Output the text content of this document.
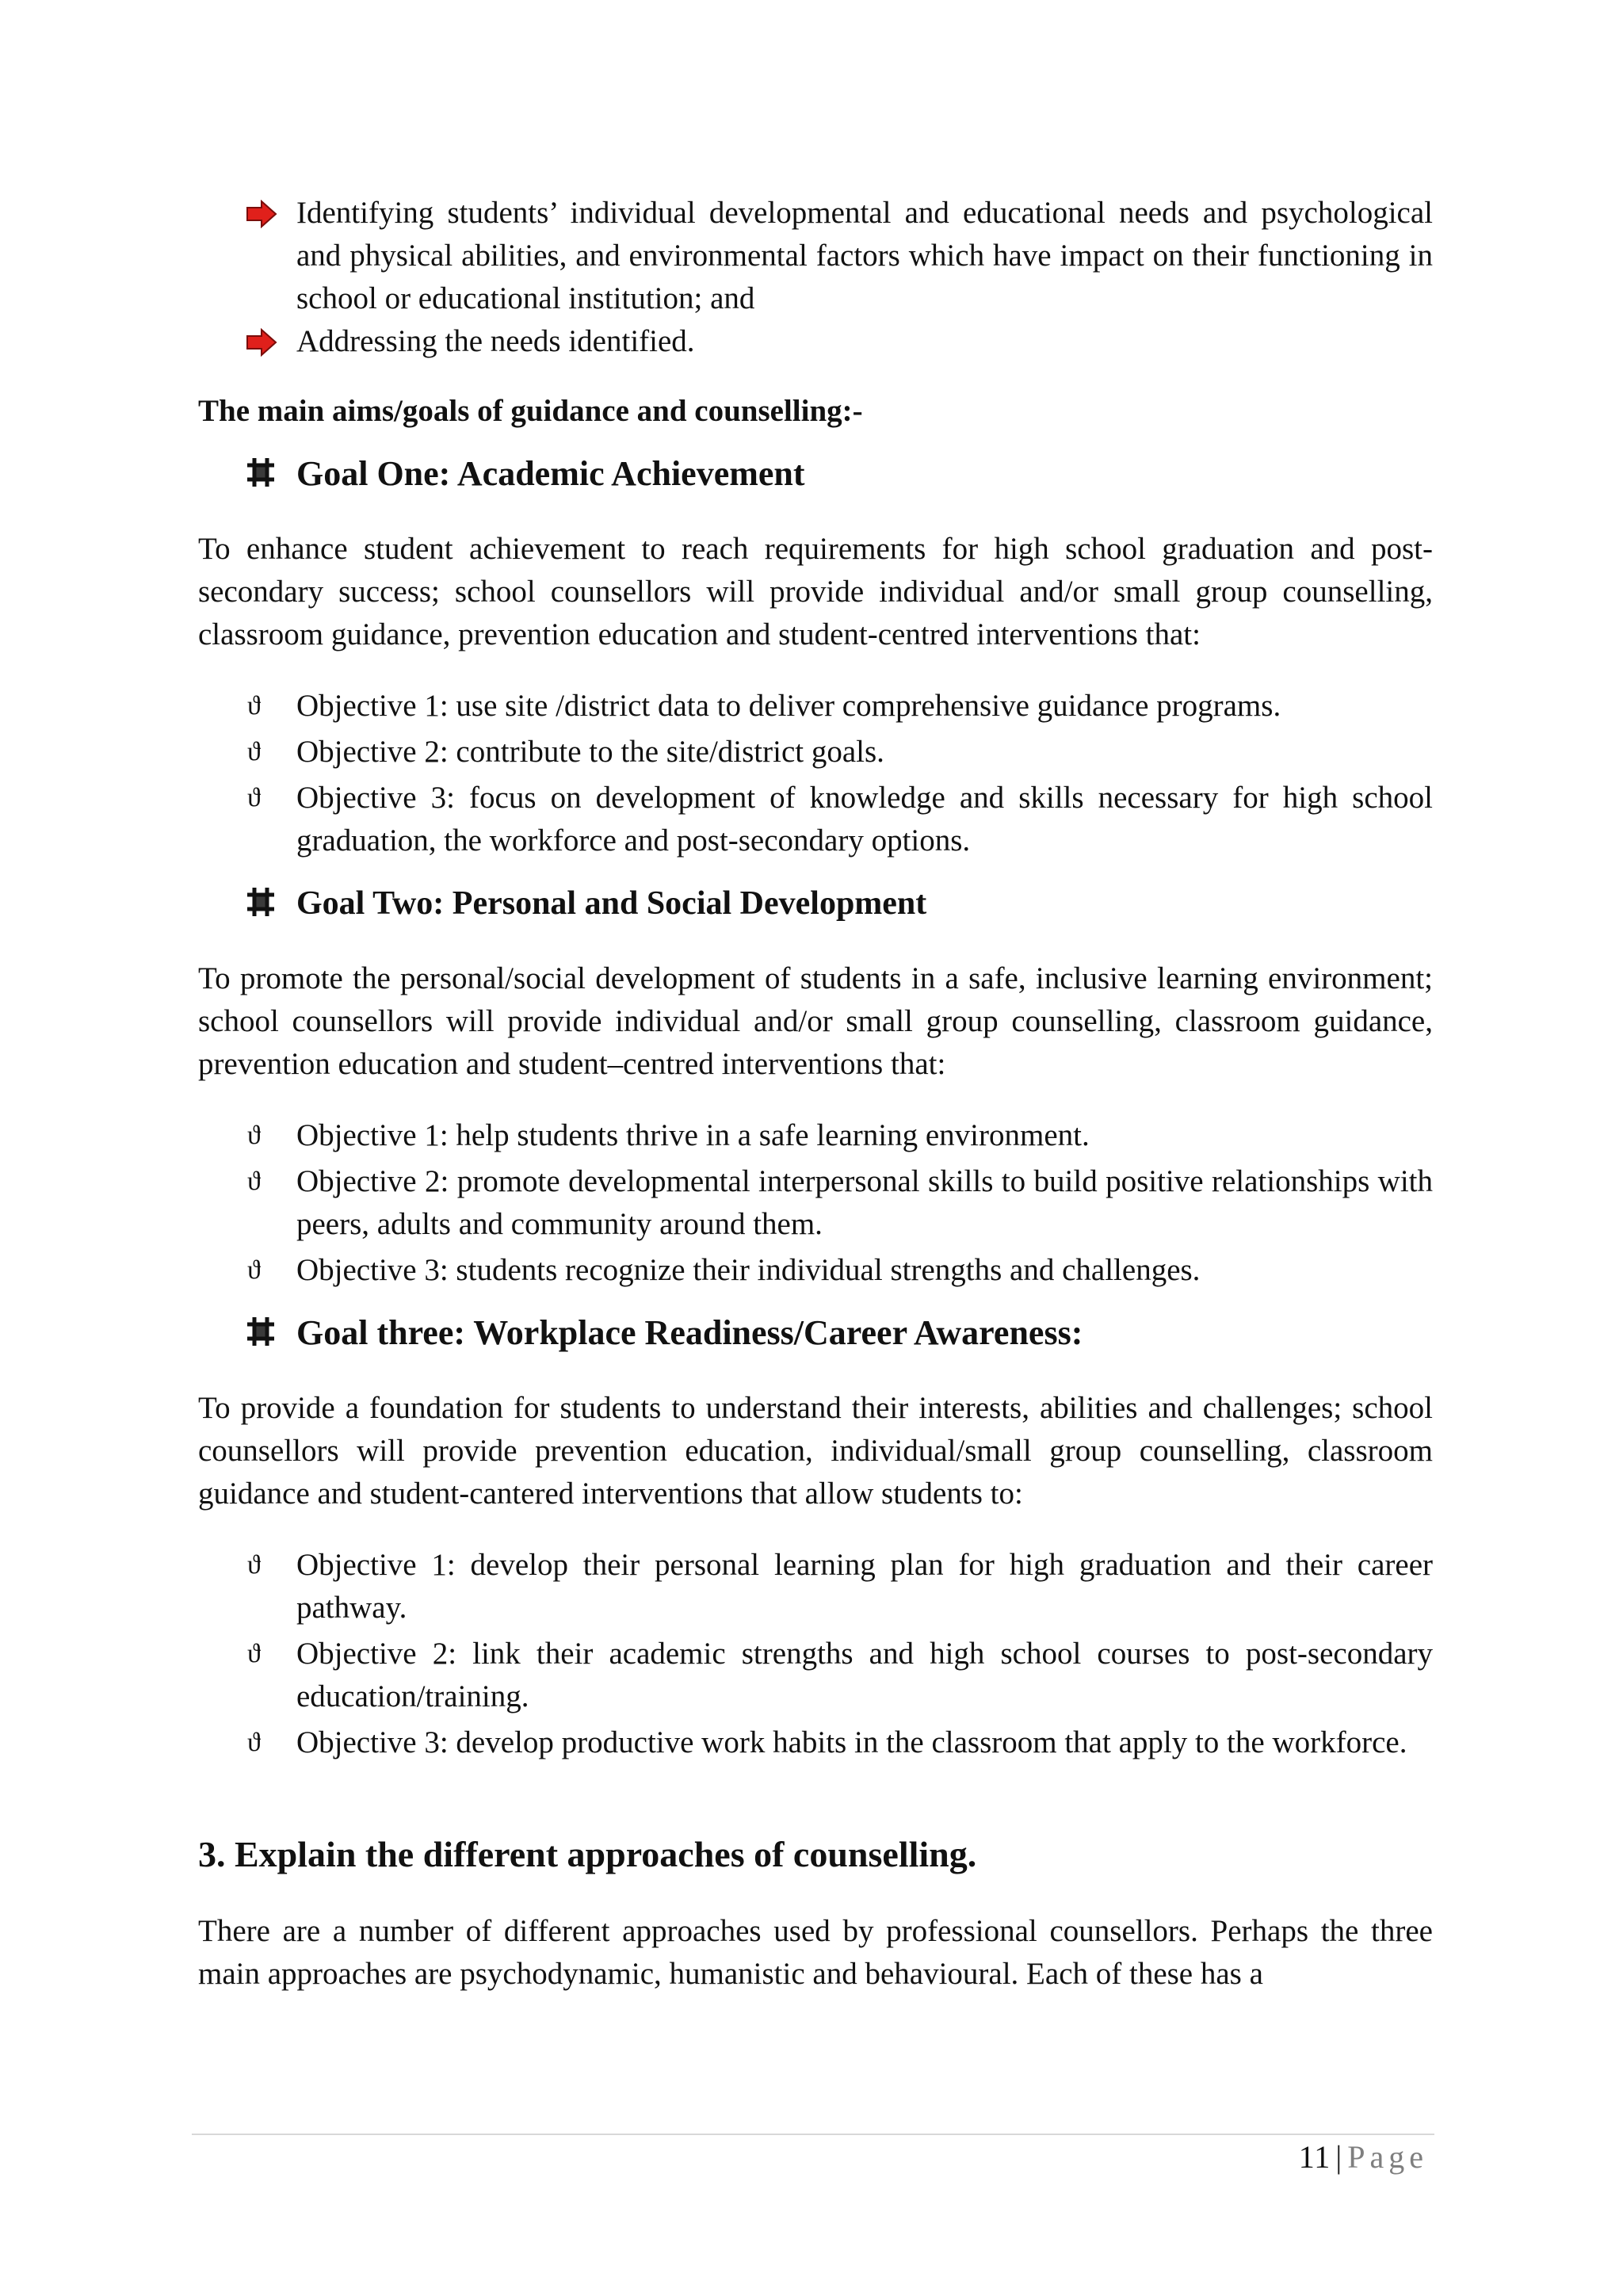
Identifying students’ individual developmental and educational needs and psychological and physical abilities, and environmental factors which have impact on their functioning in school or educational institution; and
Addressing the needs identified.
The main aims/goals of guidance and counselling:-
Goal One: Academic Achievement
To enhance student achievement to reach requirements for high school graduation and post-secondary success; school counsellors will provide individual and/or small group counselling, classroom guidance, prevention education and student-centred interventions that:
ϑ Objective 1: use site /district data to deliver comprehensive guidance programs.
ϑ Objective 2: contribute to the site/district goals.
ϑ Objective 3: focus on development of knowledge and skills necessary for high school graduation, the workforce and post-secondary options.
Goal Two: Personal and Social Development
To promote the personal/social development of students in a safe, inclusive learning environment; school counsellors will provide individual and/or small group counselling, classroom guidance, prevention education and student–centred interventions that:
ϑ Objective 1: help students thrive in a safe learning environment.
ϑ Objective 2: promote developmental interpersonal skills to build positive relationships with peers, adults and community around them.
ϑ Objective 3: students recognize their individual strengths and challenges.
Goal three: Workplace Readiness/Career Awareness:
To provide a foundation for students to understand their interests, abilities and challenges; school counsellors will provide prevention education, individual/small group counselling, classroom guidance and student-cantered interventions that allow students to:
ϑ Objective 1: develop their personal learning plan for high graduation and their career pathway.
ϑ Objective 2: link their academic strengths and high school courses to post-secondary education/training.
ϑ Objective 3: develop productive work habits in the classroom that apply to the workforce.
3. Explain the different approaches of counselling.
There are a number of different approaches used by professional counsellors. Perhaps the three main approaches are psychodynamic, humanistic and behavioural. Each of these has a
11 | Page
